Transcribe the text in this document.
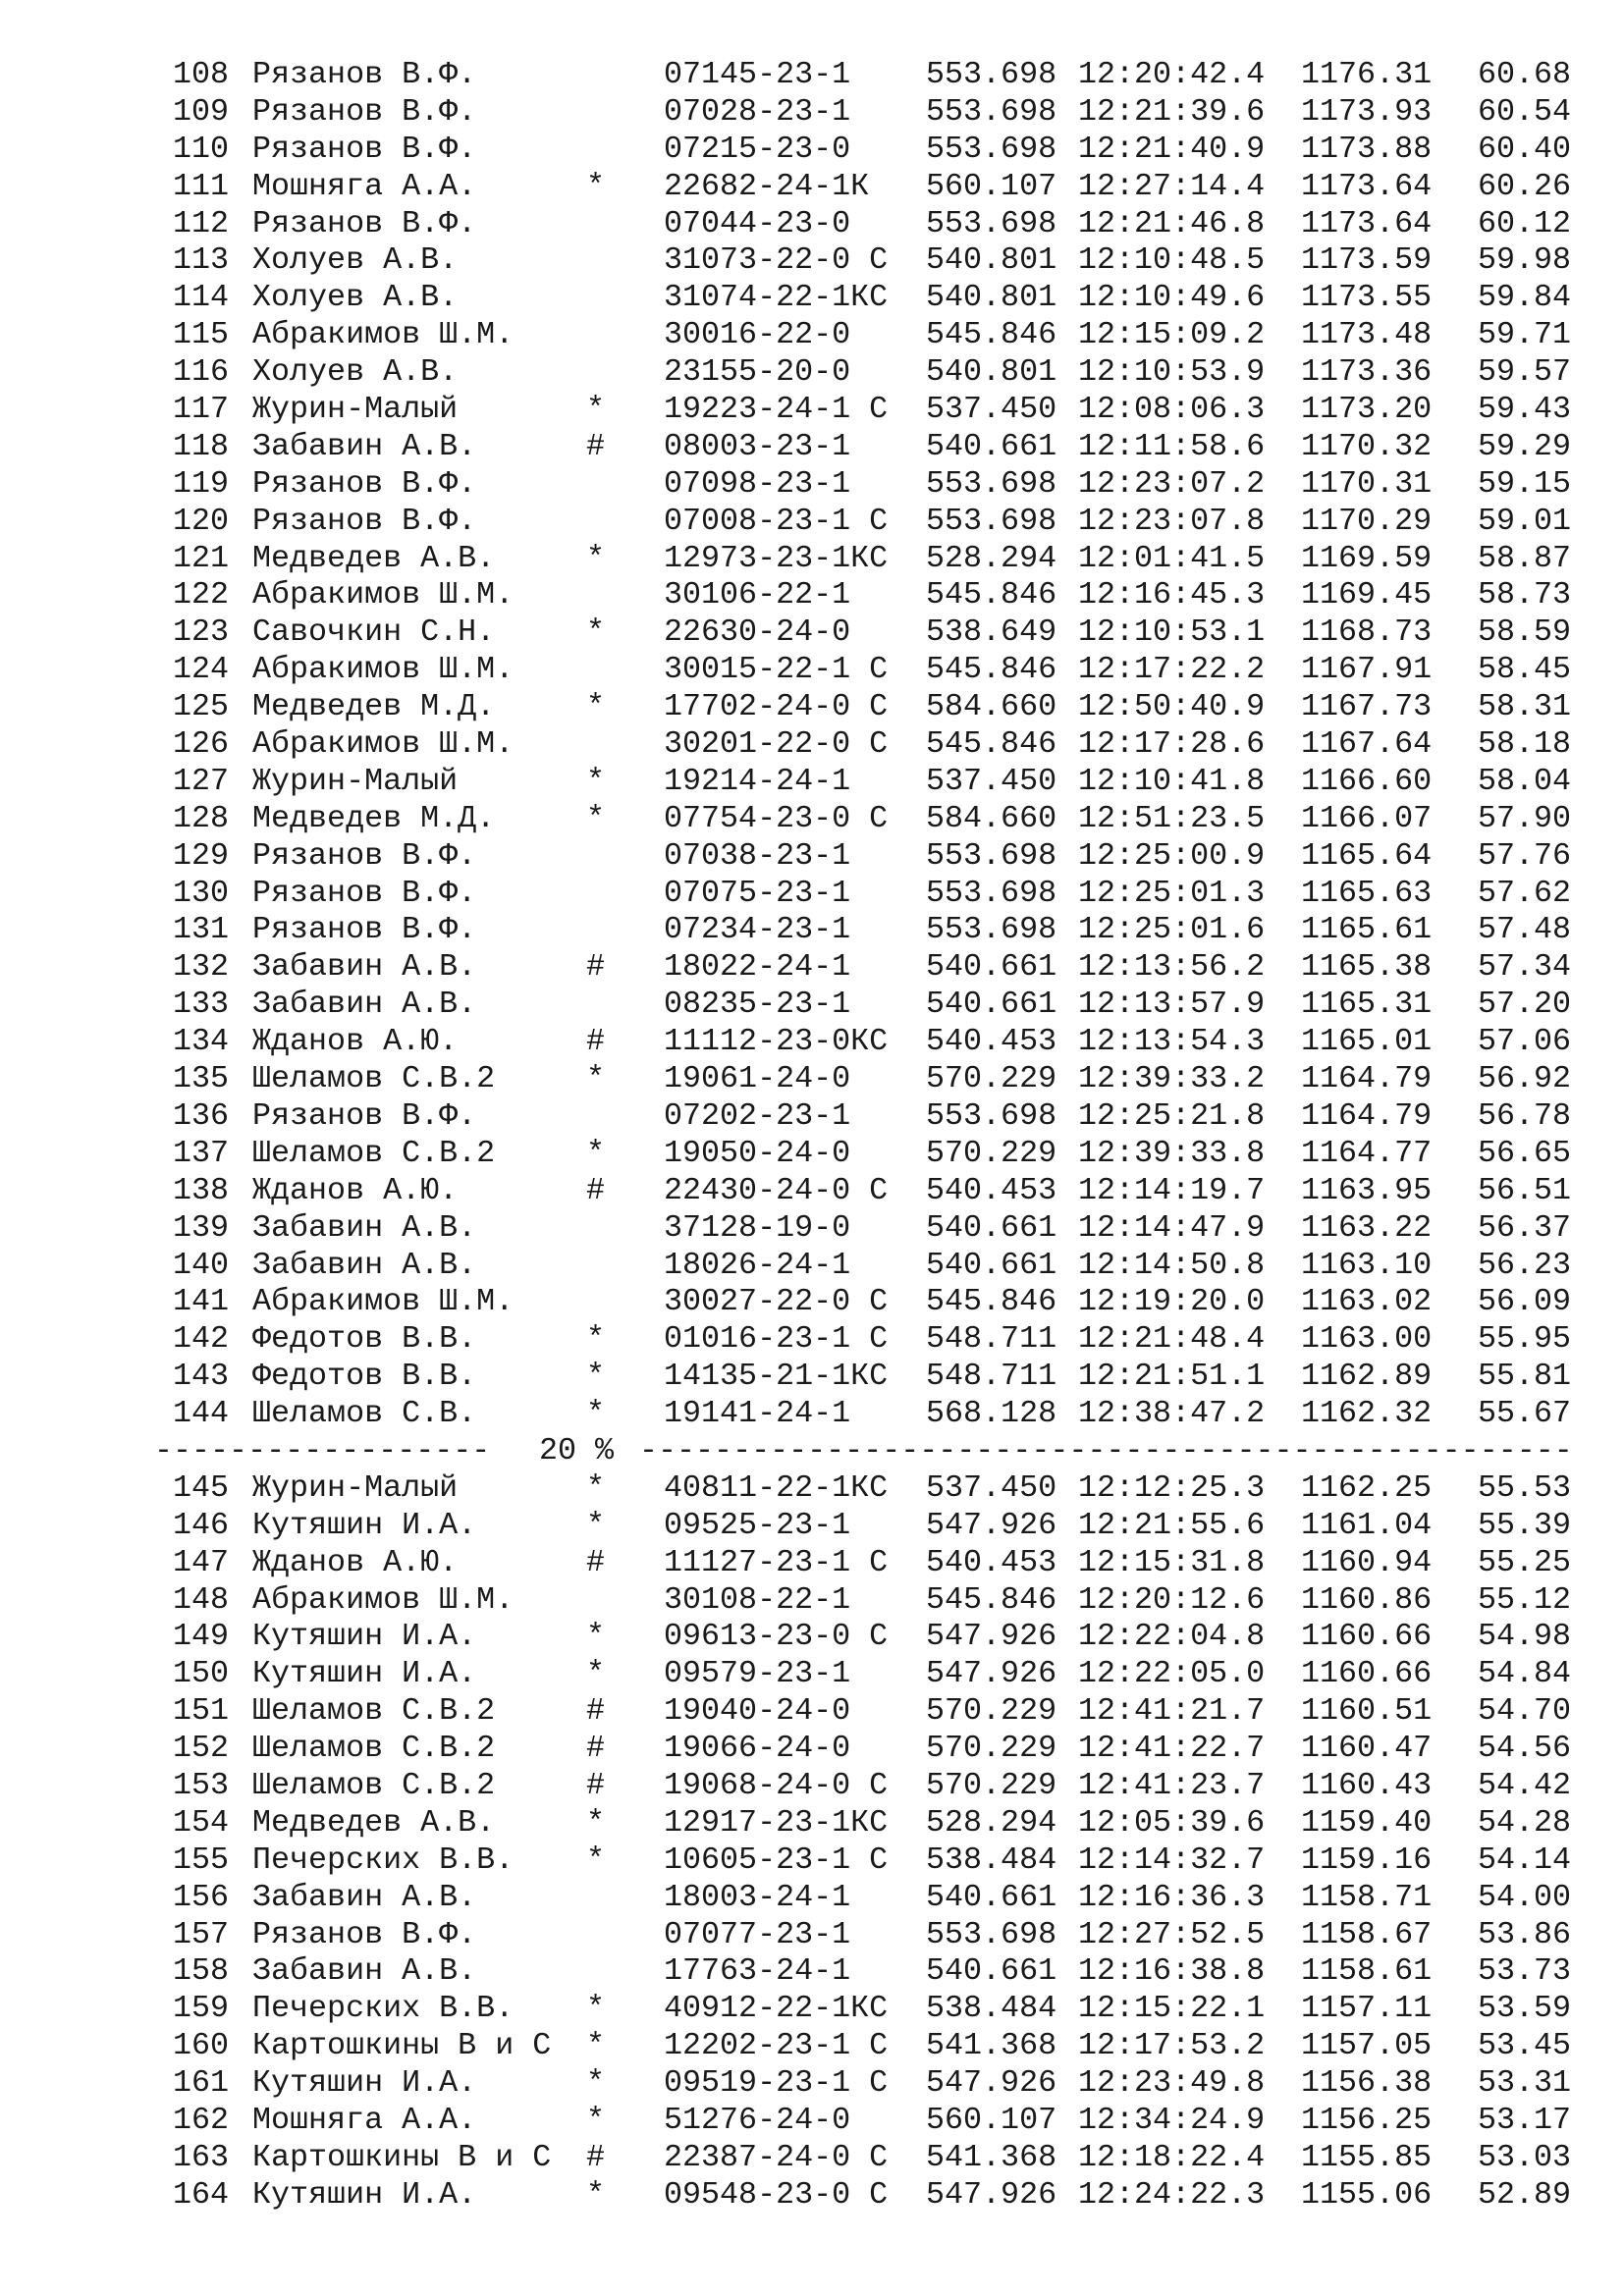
108 Рязанов В.Ф.	07145-23-1 553.698 12:20:42.4 1176.31 60.68
109 Рязанов В.Ф.	07028-23-1 553.698 12:21:39.6 1173.93 60.54
110 Рязанов В.Ф.	07215-23-0 553.698 12:21:40.9 1173.88 60.40
111 Мошняга А.А.	* 22682-24-1К 560.107 12:27:14.4 1173.64 60.26
112 Рязанов В.Ф.	07044-23-0 553.698 12:21:46.8 1173.64 60.12
113 Холуев А.В.	31073-22-0 С 540.801 12:10:48.5 1173.59 59.98
114 Холуев А.В.	31074-22-1КС 540.801 12:10:49.6 1173.55 59.84
115 Абракимов Ш.М.	30016-22-0 545.846 12:15:09.2 1173.48 59.71
116 Холуев А.В.	23155-20-0 540.801 12:10:53.9 1173.36 59.57
117 Журин-Малый	* 19223-24-1 С 537.450 12:08:06.3 1173.20 59.43
118 Забавин А.В.	# 08003-23-1 540.661 12:11:58.6 1170.32 59.29
119 Рязанов В.Ф.	07098-23-1 553.698 12:23:07.2 1170.31 59.15
120 Рязанов В.Ф.	07008-23-1 С 553.698 12:23:07.8 1170.29 59.01
121 Медведев А.В.	* 12973-23-1КС 528.294 12:01:41.5 1169.59 58.87
122 Абракимов Ш.М.	30106-22-1 545.846 12:16:45.3 1169.45 58.73
123 Савочкин С.Н.	* 22630-24-0 538.649 12:10:53.1 1168.73 58.59
124 Абракимов Ш.М.	30015-22-1 С 545.846 12:17:22.2 1167.91 58.45
125 Медведев М.Д.	* 17702-24-0 С 584.660 12:50:40.9 1167.73 58.31
126 Абракимов Ш.М.	30201-22-0 С 545.846 12:17:28.6 1167.64 58.18
127 Журин-Малый	* 19214-24-1 537.450 12:10:41.8 1166.60 58.04
128 Медведев М.Д.	* 07754-23-0 С 584.660 12:51:23.5 1166.07 57.90
129 Рязанов В.Ф.	07038-23-1 553.698 12:25:00.9 1165.64 57.76
130 Рязанов В.Ф.	07075-23-1 553.698 12:25:01.3 1165.63 57.62
131 Рязанов В.Ф.	07234-23-1 553.698 12:25:01.6 1165.61 57.48
132 Забавин А.В.	# 18022-24-1 540.661 12:13:56.2 1165.38 57.34
133 Забавин А.В.	08235-23-1 540.661 12:13:57.9 1165.31 57.20
134 Жданов А.Ю.	# 11112-23-0КС 540.453 12:13:54.3 1165.01 57.06
135 Шеламов С.В.2	* 19061-24-0 570.229 12:39:33.2 1164.79 56.92
136 Рязанов В.Ф.	07202-23-1 553.698 12:25:21.8 1164.79 56.78
137 Шеламов С.В.2	* 19050-24-0 570.229 12:39:33.8 1164.77 56.65
138 Жданов А.Ю.	# 22430-24-0 С 540.453 12:14:19.7 1163.95 56.51
139 Забавин А.В.	37128-19-0 540.661 12:14:47.9 1163.22 56.37
140 Забавин А.В.	18026-24-1 540.661 12:14:50.8 1163.10 56.23
141 Абракимов Ш.М.	30027-22-0 С 545.846 12:19:20.0 1163.02 56.09
142 Федотов В.В.	* 01016-23-1 С 548.711 12:21:48.4 1163.00 55.95
143 Федотов В.В.	* 14135-21-1КС 548.711 12:21:51.1 1162.89 55.81
144 Шеламов С.В.	* 19141-24-1 568.128 12:38:47.2 1162.32 55.67
------------------ 20 % --------------------------------------------------
145 Журин-Малый	* 40811-22-1КС 537.450 12:12:25.3 1162.25 55.53
146 Кутяшин И.А.	* 09525-23-1 547.926 12:21:55.6 1161.04 55.39
147 Жданов А.Ю.	# 11127-23-1 С 540.453 12:15:31.8 1160.94 55.25
148 Абракимов Ш.М.	30108-22-1 545.846 12:20:12.6 1160.86 55.12
149 Кутяшин И.А.	* 09613-23-0 С 547.926 12:22:04.8 1160.66 54.98
150 Кутяшин И.А.	* 09579-23-1 547.926 12:22:05.0 1160.66 54.84
151 Шеламов С.В.2	# 19040-24-0 570.229 12:41:21.7 1160.51 54.70
152 Шеламов С.В.2	# 19066-24-0 570.229 12:41:22.7 1160.47 54.56
153 Шеламов С.В.2	# 19068-24-0 С 570.229 12:41:23.7 1160.43 54.42
154 Медведев А.В.	* 12917-23-1КС 528.294 12:05:39.6 1159.40 54.28
155 Печерских В.В. * 10605-23-1 С 538.484 12:14:32.7 1159.16 54.14
156 Забавин А.В.	18003-24-1 540.661 12:16:36.3 1158.71 54.00
157 Рязанов В.Ф.	07077-23-1 553.698 12:27:52.5 1158.67 53.86
158 Забавин А.В.	17763-24-1 540.661 12:16:38.8 1158.61 53.73
159 Печерских В.В. * 40912-22-1КС 538.484 12:15:22.1 1157.11 53.59
160 Картошкины В и С * 12202-23-1 С 541.368 12:17:53.2 1157.05 53.45
161 Кутяшин И.А.	* 09519-23-1 С 547.926 12:23:49.8 1156.38 53.31
162 Мошняга А.А.	* 51276-24-0 560.107 12:34:24.9 1156.25 53.17
163 Картошкины В и С # 22387-24-0 С 541.368 12:18:22.4 1155.85 53.03
164 Кутяшин И.А.	* 09548-23-0 С 547.926 12:24:22.3 1155.06 52.89
